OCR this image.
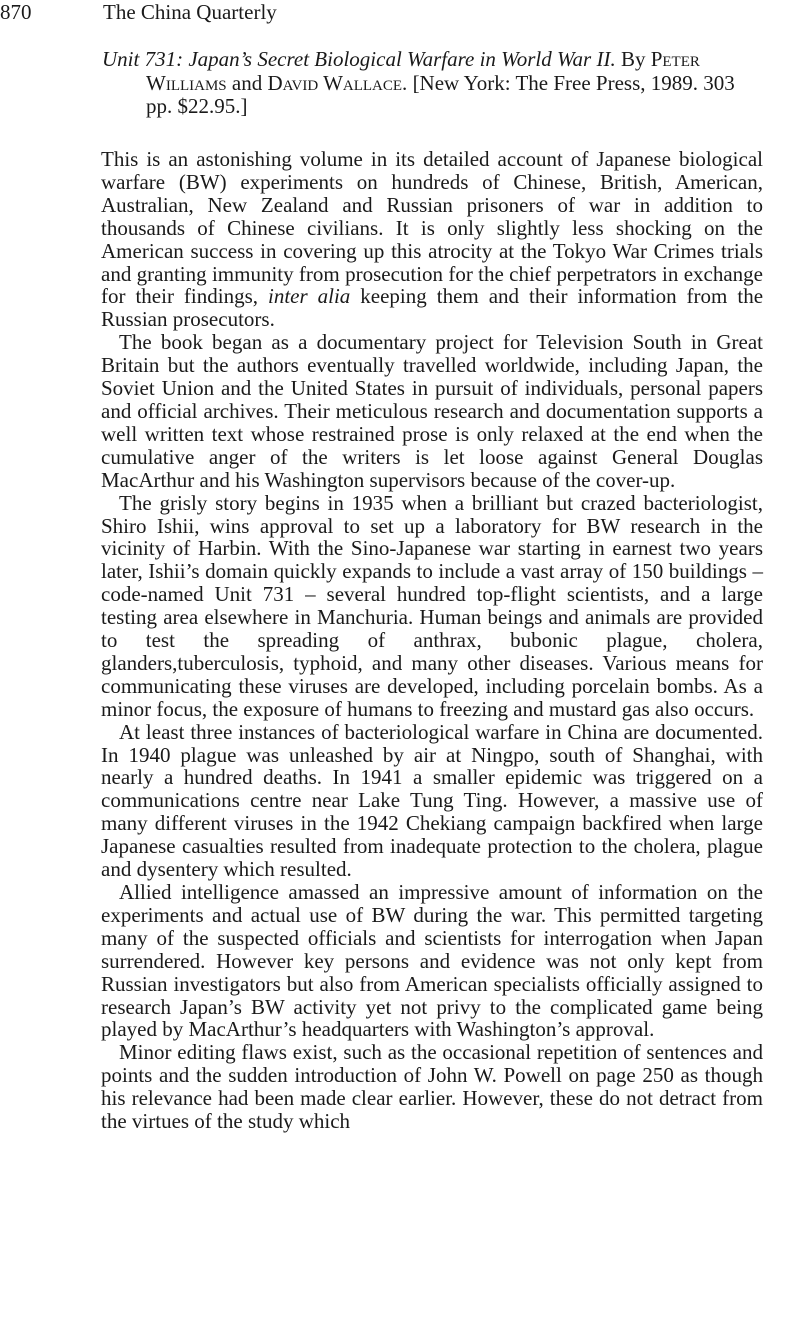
870	The China Quarterly
Unit 731: Japan’s Secret Biological Warfare in World War II. By Peter Williams and David Wallace. [New York: The Free Press, 1989. 303 pp. $22.95.]

This is an astonishing volume in its detailed account of Japanese biological warfare (BW) experiments on hundreds of Chinese, British, American, Australian, New Zealand and Russian prisoners of war in addition to thousands of Chinese civilians. It is only slightly less shocking on the American success in covering up this atrocity at the Tokyo War Crimes trials and granting immunity from prosecution for the chief perpetrators in exchange for their findings, inter alia keeping them and their information from the Russian prosecutors.

The book began as a documentary project for Television South in Great Britain but the authors eventually travelled worldwide, including Japan, the Soviet Union and the United States in pursuit of individuals, personal papers and official archives. Their meticulous research and documentation supports a well written text whose restrained prose is only relaxed at the end when the cumulative anger of the writers is let loose against General Douglas MacArthur and his Washington supervisors because of the cover-up.

The grisly story begins in 1935 when a brilliant but crazed bacteriologist, Shiro Ishii, wins approval to set up a laboratory for BW research in the vicinity of Harbin. With the Sino-Japanese war starting in earnest two years later, Ishii’s domain quickly expands to include a vast array of 150 buildings – code-named Unit 731 – several hundred top-flight scientists, and a large testing area elsewhere in Manchuria. Human beings and animals are provided to test the spreading of anthrax, bubonic plague, cholera, glanders,tuberculosis, typhoid, and many other diseases. Various means for communicating these viruses are developed, including porcelain bombs. As a minor focus, the exposure of humans to freezing and mustard gas also occurs.

At least three instances of bacteriological warfare in China are documented. In 1940 plague was unleashed by air at Ningpo, south of Shanghai, with nearly a hundred deaths. In 1941 a smaller epidemic was triggered on a communications centre near Lake Tung Ting. However, a massive use of many different viruses in the 1942 Chekiang campaign backfired when large Japanese casualties resulted from inadequate protection to the cholera, plague and dysentery which resulted.

Allied intelligence amassed an impressive amount of information on the experiments and actual use of BW during the war. This permitted targeting many of the suspected officials and scientists for interrogation when Japan surrendered. However key persons and evidence was not only kept from Russian investigators but also from American specialists officially assigned to research Japan’s BW activity yet not privy to the complicated game being played by MacArthur’s headquarters with Washington’s approval.

Minor editing flaws exist, such as the occasional repetition of sentences and points and the sudden introduction of John W. Powell on page 250 as though his relevance had been made clear earlier. However, these do not detract from the virtues of the study which
